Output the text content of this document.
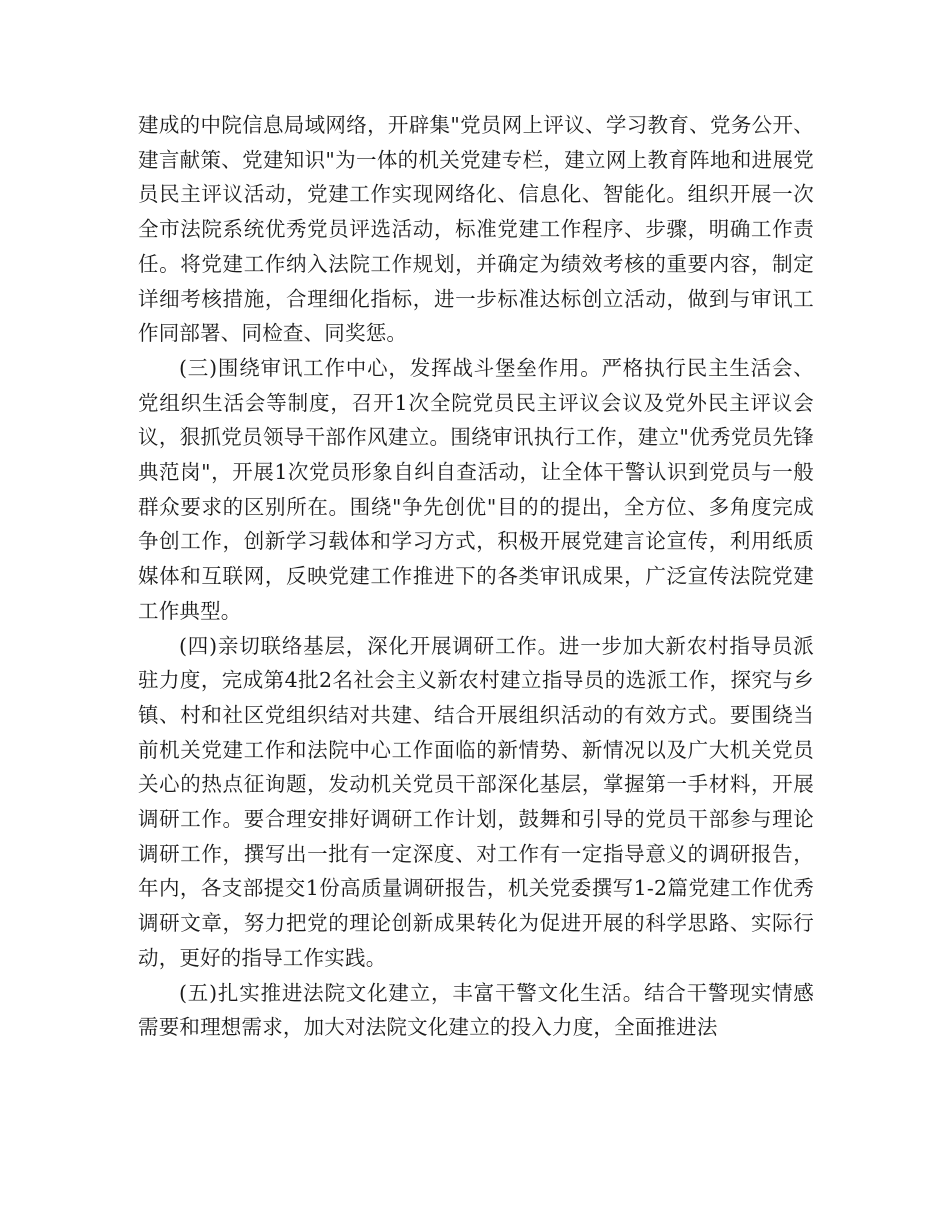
建成的中院信息局域网络，开辟集"党员网上评议、学习教育、党务公开、建言献策、党建知识"为一体的机关党建专栏，建立网上教育阵地和进展党员民主评议活动，党建工作实现网络化、信息化、智能化。组织开展一次全市法院系统优秀党员评选活动，标准党建工作程序、步骤，明确工作责任。将党建工作纳入法院工作规划，并确定为绩效考核的重要内容，制定详细考核措施，合理细化指标，进一步标准达标创立活动，做到与审讯工作同部署、同检查、同奖惩。

(三)围绕审讯工作中心，发挥战斗堡垒作用。严格执行民主生活会、党组织生活会等制度，召开1次全院党员民主评议会议及党外民主评议会议，狠抓党员领导干部作风建立。围绕审讯执行工作，建立"优秀党员先锋典范岗"，开展1次党员形象自纠自查活动，让全体干警认识到党员与一般群众要求的区别所在。围绕"争先创优"目的的提出，全方位、多角度完成争创工作，创新学习载体和学习方式，积极开展党建言论宣传，利用纸质媒体和互联网，反映党建工作推进下的各类审讯成果，广泛宣传法院党建工作典型。

(四)亲切联络基层，深化开展调研工作。进一步加大新农村指导员派驻力度，完成第4批2名社会主义新农村建立指导员的选派工作，探究与乡镇、村和社区党组织结对共建、结合开展组织活动的有效方式。要围绕当前机关党建工作和法院中心工作面临的新情势、新情况以及广大机关党员关心的热点征询题，发动机关党员干部深化基层，掌握第一手材料，开展调研工作。要合理安排好调研工作计划，鼓舞和引导的党员干部参与理论调研工作，撰写出一批有一定深度、对工作有一定指导意义的调研报告，年内，各支部提交1份高质量调研报告，机关党委撰写1-2篇党建工作优秀调研文章，努力把党的理论创新成果转化为促进开展的科学思路、实际行动，更好的指导工作实践。

(五)扎实推进法院文化建立，丰富干警文化生活。结合干警现实情感需要和理想需求，加大对法院文化建立的投入力度，全面推进法
